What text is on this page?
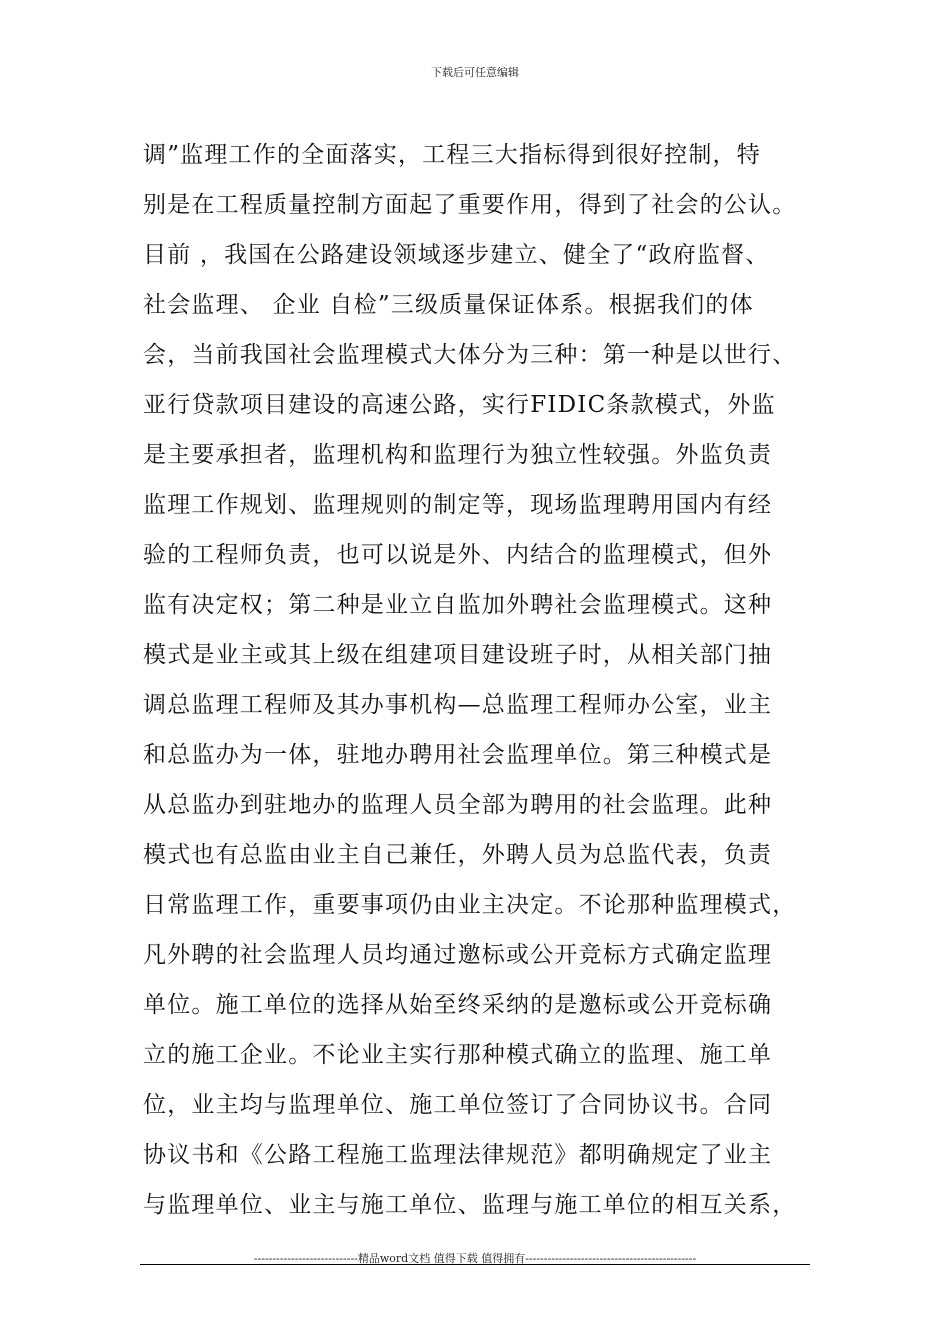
下载后可任意编辑
调”监理工作的全面落实，工程三大指标得到很好控制，特
别是在工程质量控制方面起了重要作用，得到了社会的公认。
目前 ，我国在公路建设领域逐步建立、健全了“政府监督、
社会监理、 企业 自检”三级质量保证体系。根据我们的体
会，当前我国社会监理模式大体分为三种：第一种是以世行、
亚行贷款项目建设的高速公路，实行FIDIC条款模式，外监
是主要承担者，监理机构和监理行为独立性较强。外监负责
监理工作规划、监理规则的制定等，现场监理聘用国内有经
验的工程师负责，也可以说是外、内结合的监理模式，但外
监有决定权；第二种是业立自监加外聘社会监理模式。这种
模式是业主或其上级在组建项目建设班子时，从相关部门抽
调总监理工程师及其办事机构—总监理工程师办公室，业主
和总监办为一体，驻地办聘用社会监理单位。第三种模式是
从总监办到驻地办的监理人员全部为聘用的社会监理。此种
模式也有总监由业主自己兼任，外聘人员为总监代表，负责
日常监理工作，重要事项仍由业主决定。不论那种监理模式，
凡外聘的社会监理人员均通过邀标或公开竞标方式确定监理
单位。施工单位的选择从始至终采纳的是邀标或公开竞标确
立的施工企业。不论业主实行那种模式确立的监理、施工单
位，业主均与监理单位、施工单位签订了合同协议书。合同
协议书和《公路工程施工监理法律规范》都明确规定了业主
与监理单位、业主与施工单位、监理与施工单位的相互关系，
----------------------------精品word文档 值得下载 值得拥有----------------------------------------------
